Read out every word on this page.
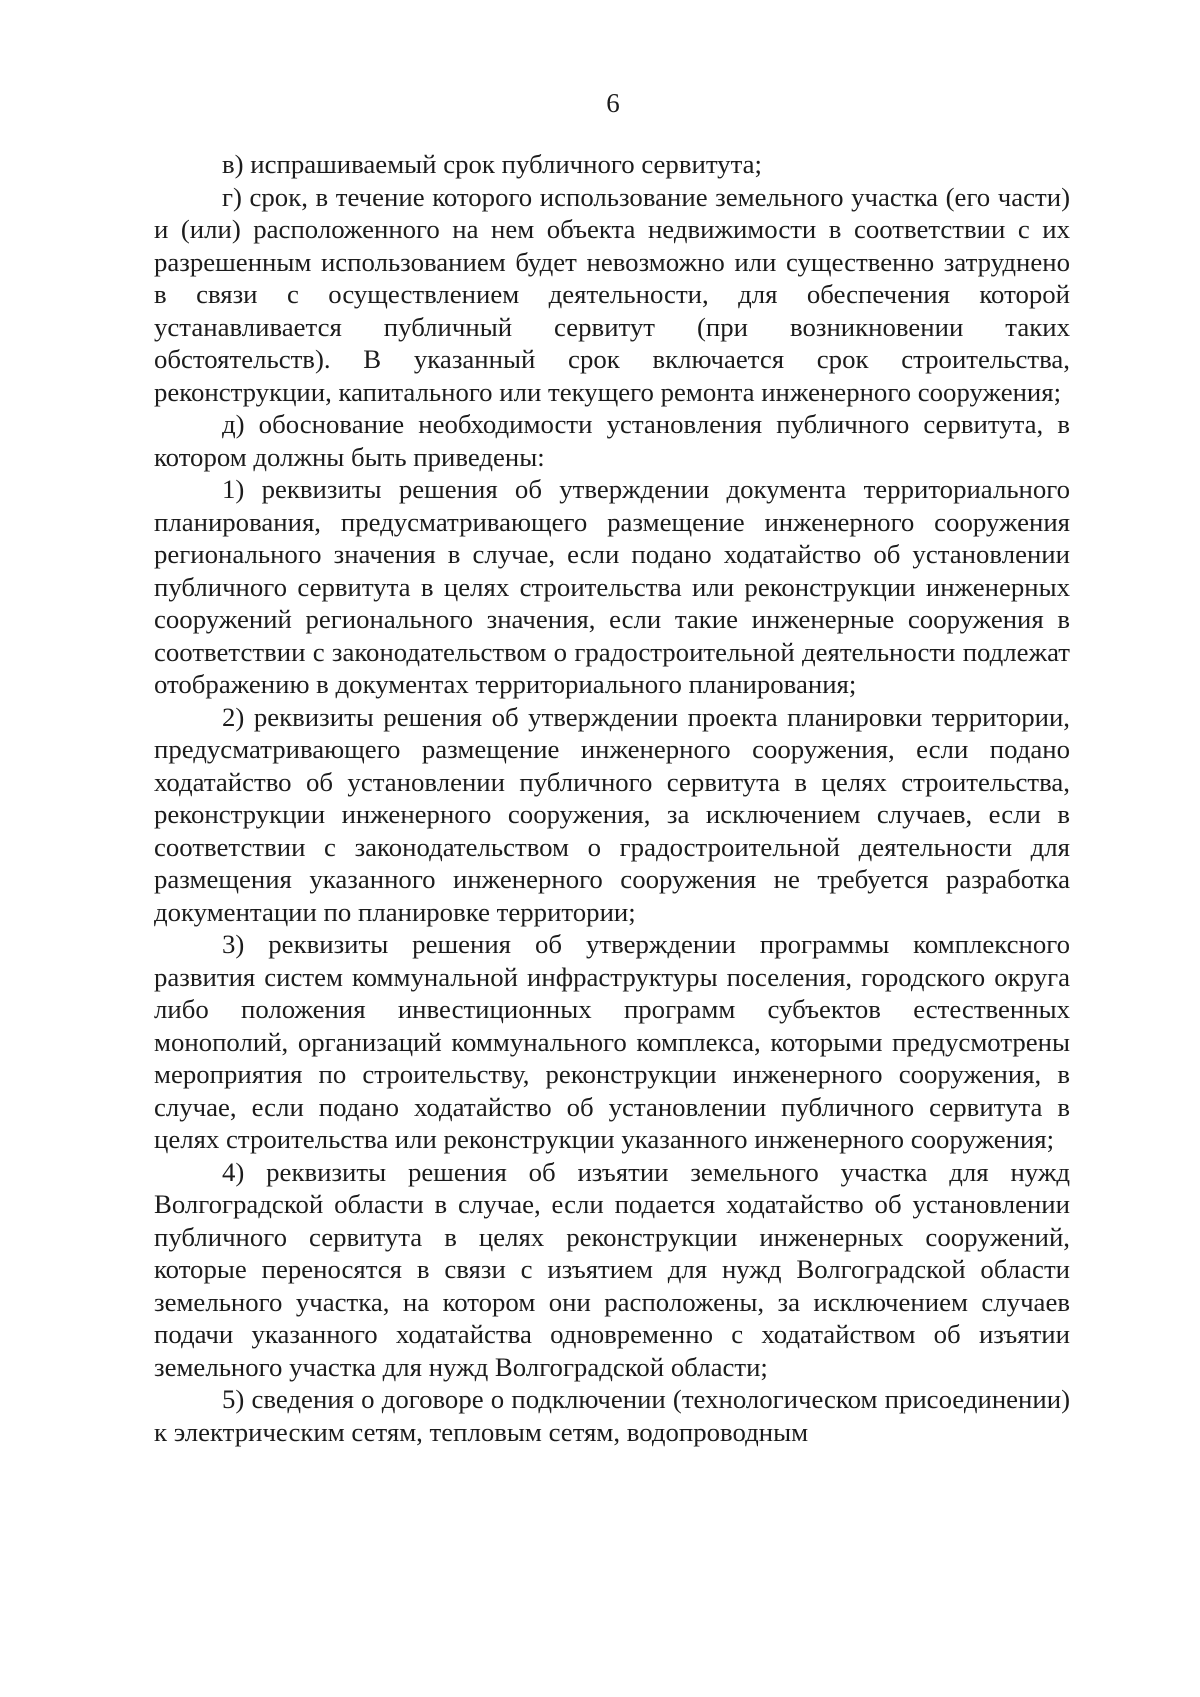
6

в) испрашиваемый срок публичного сервитута;

г) срок, в течение которого использование земельного участка (его части) и (или) расположенного на нем объекта недвижимости в соответствии с их разрешенным использованием будет невозможно или существенно затруднено в связи с осуществлением деятельности, для обеспечения которой устанавливается публичный сервитут (при возникновении таких обстоятельств). В указанный срок включается срок строительства, реконструкции, капитального или текущего ремонта инженерного сооружения;

д) обоснование необходимости установления публичного сервитута, в котором должны быть приведены:

1) реквизиты решения об утверждении документа территориального планирования, предусматривающего размещение инженерного сооружения регионального значения в случае, если подано ходатайство об установлении публичного сервитута в целях строительства или реконструкции инженерных сооружений регионального значения, если такие инженерные сооружения в соответствии с законодательством о градостроительной деятельности подлежат отображению в документах территориального планирования;

2) реквизиты решения об утверждении проекта планировки территории, предусматривающего размещение инженерного сооружения, если подано ходатайство об установлении публичного сервитута в целях строительства, реконструкции инженерного сооружения, за исключением случаев, если в соответствии с законодательством о градостроительной деятельности для размещения указанного инженерного сооружения не требуется разработка документации по планировке территории;

3) реквизиты решения об утверждении программы комплексного развития систем коммунальной инфраструктуры поселения, городского округа либо положения инвестиционных программ субъектов естественных монополий, организаций коммунального комплекса, которыми предусмотрены мероприятия по строительству, реконструкции инженерного сооружения, в случае, если подано ходатайство об установлении публичного сервитута в целях строительства или реконструкции указанного инженерного сооружения;

4) реквизиты решения об изъятии земельного участка для нужд Волгоградской области в случае, если подается ходатайство об установлении публичного сервитута в целях реконструкции инженерных сооружений, которые переносятся в связи с изъятием для нужд Волгоградской области земельного участка, на котором они расположены, за исключением случаев подачи указанного ходатайства одновременно с ходатайством об изъятии земельного участка для нужд Волгоградской области;

5) сведения о договоре о подключении (технологическом присоединении) к электрическим сетям, тепловым сетям, водопроводным
